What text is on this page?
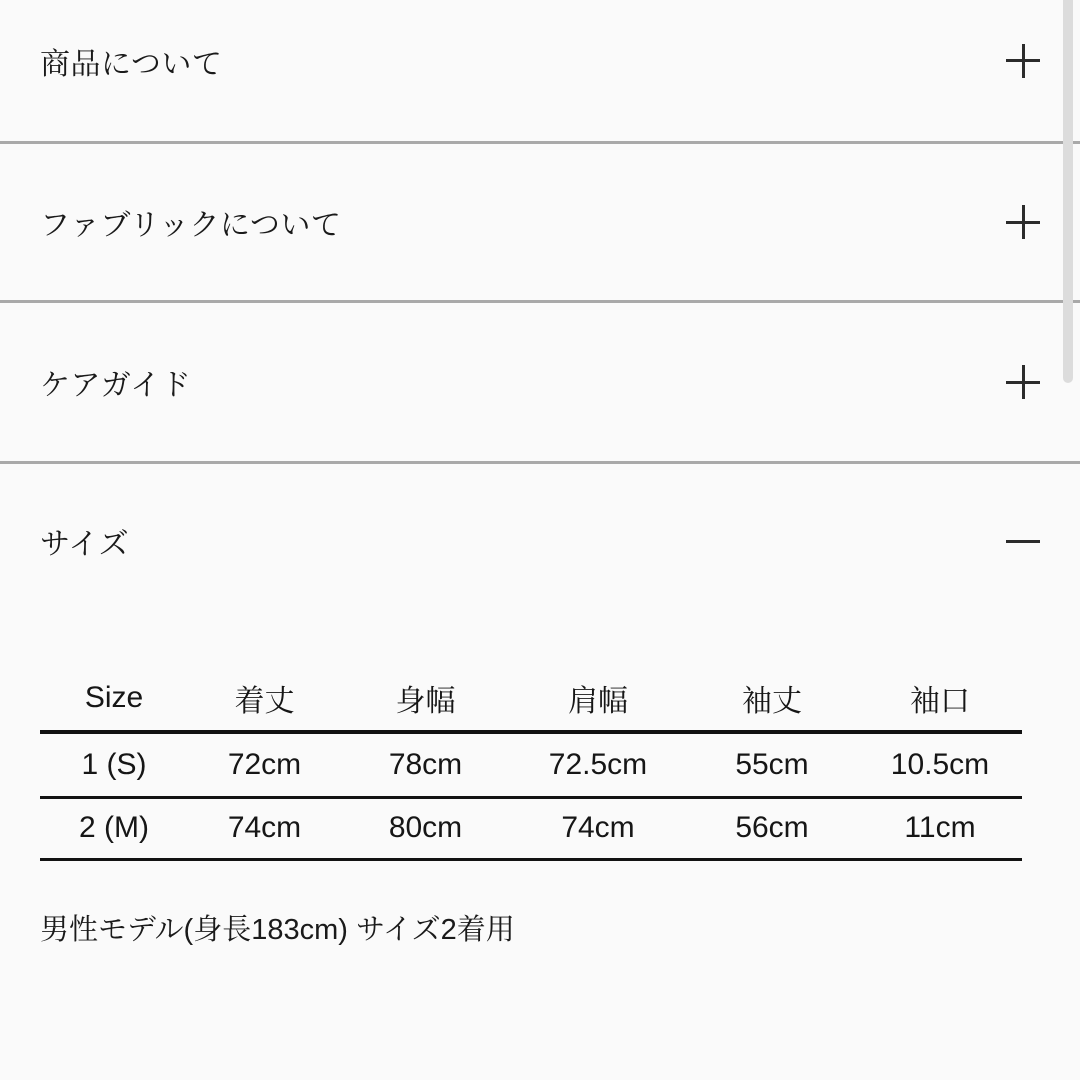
商品について
ファブリックについて
ケアガイド
サイズ
Size	着丈	身幅	肩幅	袖丈	袖口
1 (S)	72cm	78cm	72.5cm	55cm	10.5cm
2 (M)	74cm	80cm	74cm	56cm	11cm

男性モデル(身長183cm) サイズ2着用
